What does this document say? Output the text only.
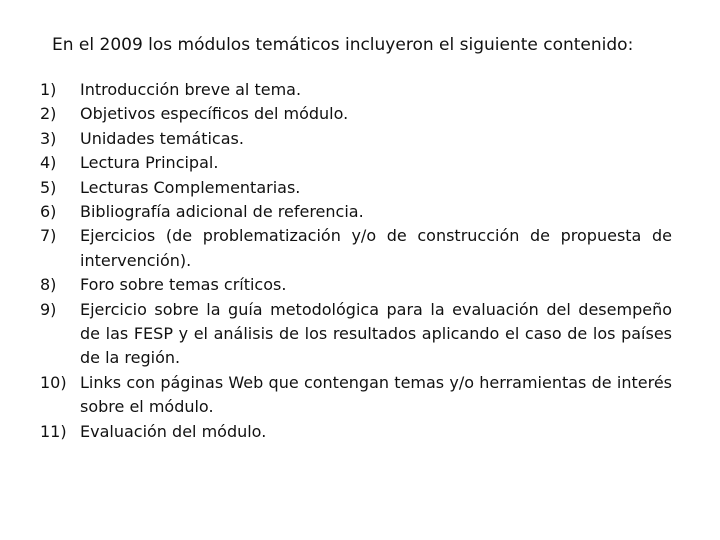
En el 2009 los módulos temáticos incluyeron el siguiente contenido:
1)	Introducción breve al tema.
2)	Objetivos específicos del módulo.
3)	Unidades temáticas.
4)	Lectura Principal.
5)	Lecturas Complementarias.
6)	Bibliografía adicional de referencia.
7)	Ejercicios (de problematización y/o de construcción de propuesta de intervención).
8)	Foro sobre temas críticos.
9)	Ejercicio sobre la guía metodológica para la evaluación del desempeño de las FESP y el análisis de los resultados aplicando el caso de los países de la región.
10) Links con páginas Web que contengan temas y/o herramientas de interés sobre el módulo.
11) Evaluación del módulo.
